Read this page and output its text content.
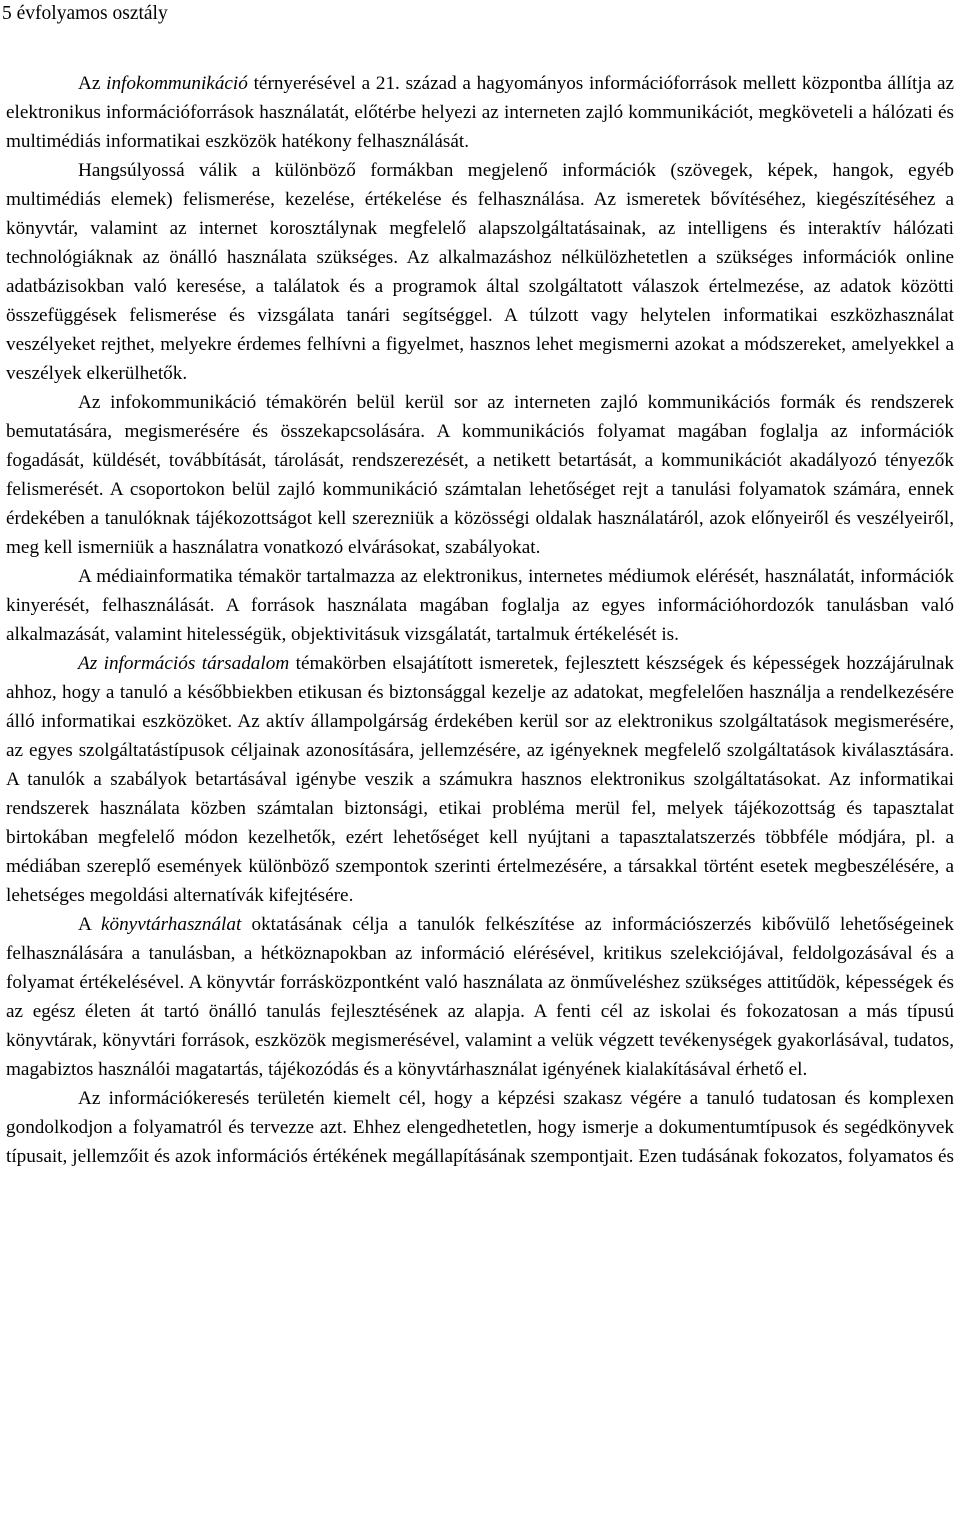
5 évfolyamos osztály

Az infokommunikáció térnyerésével a 21. század a hagyományos információforrások mellett központba állítja az elektronikus információforrások használatát, előtérbe helyezi az interneten zajló kommunikációt, megköveteli a hálózati és multimédiás informatikai eszközök hatékony felhasználását.

Hangsúlyossá válik a különböző formákban megjelenő információk (szövegek, képek, hangok, egyéb multimédiás elemek) felismerése, kezelése, értékelése és felhasználása. Az ismeretek bővítéséhez, kiegészítéséhez a könyvtár, valamint az internet korosztálynak megfelelő alapszolgáltatásainak, az intelligens és interaktív hálózati technológiáknak az önálló használata szükséges. Az alkalmazáshoz nélkülözhetetlen a szükséges információk online adatbázisokban való keresése, a találatok és a programok által szolgáltatott válaszok értelmezése, az adatok közötti összefüggések felismerése és vizsgálata tanári segítséggel. A túlzott vagy helytelen informatikai eszközhasználat veszélyeket rejthet, melyekre érdemes felhívni a figyelmet, hasznos lehet megismerni azokat a módszereket, amelyekkel a veszélyek elkerülhetők.

Az infokommunikáció témakörén belül kerül sor az interneten zajló kommunikációs formák és rendszerek bemutatására, megismerésére és összekapcsolására. A kommunikációs folyamat magában foglalja az információk fogadását, küldését, továbbítását, tárolását, rendszerezését, a netikett betartását, a kommunikációt akadályozó tényezők felismerését. A csoportokon belül zajló kommunikáció számtalan lehetőséget rejt a tanulási folyamatok számára, ennek érdekében a tanulóknak tájékozottságot kell szerezniük a közösségi oldalak használatáról, azok előnyeiről és veszélyeiről, meg kell ismerniük a használatra vonatkozó elvárásokat, szabályokat.

A médiainformatika témakör tartalmazza az elektronikus, internetes médiumok elérését, használatát, információk kinyerését, felhasználását. A források használata magában foglalja az egyes információhordozók tanulásban való alkalmazását, valamint hitelességük, objektivitásuk vizsgálatát, tartalmuk értékelését is.

Az információs társadalom témakörben elsajátított ismeretek, fejlesztett készségek és képességek hozzájárulnak ahhoz, hogy a tanuló a későbbiekben etikusan és biztonsággal kezelje az adatokat, megfelelően használja a rendelkezésére álló informatikai eszközöket. Az aktív állampolgárság érdekében kerül sor az elektronikus szolgáltatások megismerésére, az egyes szolgáltatástípusok céljainak azonosítására, jellemzésére, az igényeknek megfelelő szolgáltatások kiválasztására. A tanulók a szabályok betartásával igénybe veszik a számukra hasznos elektronikus szolgáltatásokat. Az informatikai rendszerek használata közben számtalan biztonsági, etikai probléma merül fel, melyek tájékozottság és tapasztalat birtokában megfelelő módon kezelhetők, ezért lehetőséget kell nyújtani a tapasztalatszerzés többféle módjára, pl. a médiában szereplő események különböző szempontok szerinti értelmezésére, a társakkal történt esetek megbeszélésére, a lehetséges megoldási alternatívák kifejtésére.

A könyvtárhasználat oktatásának célja a tanulók felkészítése az információszerzés kibővülő lehetőségeinek felhasználására a tanulásban, a hétköznapokban az információ elérésével, kritikus szelekciójával, feldolgozásával és a folyamat értékelésével. A könyvtár forrásközpontként való használata az önműveléshez szükséges attitűdök, képességek és az egész életen át tartó önálló tanulás fejlesztésének az alapja. A fenti cél az iskolai és fokozatosan a más típusú könyvtárak, könyvtári források, eszközök megismerésével, valamint a velük végzett tevékenységek gyakorlásával, tudatos, magabiztos használói magatartás, tájékozódás és a könyvtárhasználat igényének kialakításával érhető el.

Az információkeresés területén kiemelt cél, hogy a képzési szakasz végére a tanuló tudatosan és komplexen gondolkodjon a folyamatról és tervezze azt. Ehhez elengedhetetlen, hogy ismerje a dokumentumtípusok és segédkönyvek típusait, jellemzőit és azok információs értékének megállapításának szempontjait. Ezen tudásának fokozatos, folyamatos és
